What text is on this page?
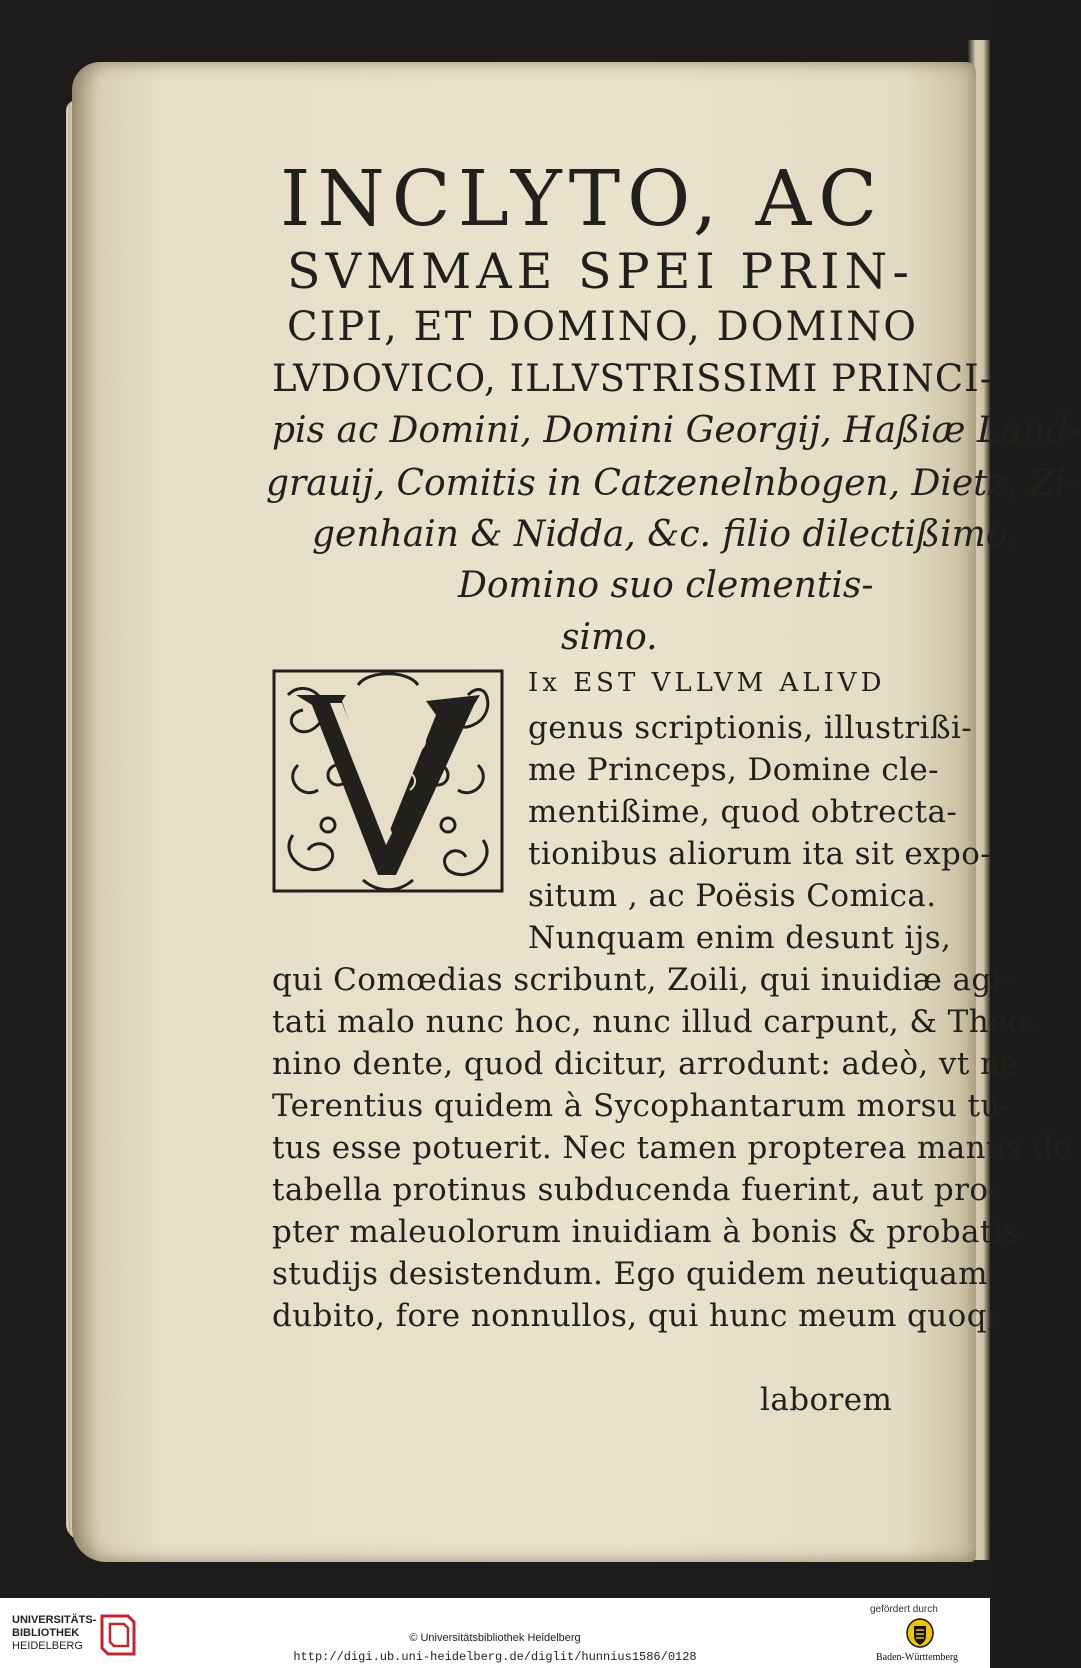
INCLYTO, AC
SVMMAE SPEI PRIN-
CIPI, ET DOMINO, DOMINO
LVDOVICO, ILLVSTRISSIMI PRINCI-
pis ac Domini, Domini Georgij, Haßiæ Land-
grauij, Comitis in Catzenelnbogen, Dietz, Zi-
genhain & Nidda, &c. filio dilectißimo,
Domino suo clementis-
simo.
Ix EST VLLVM ALIVD
genus scriptionis, illustrißi-
me Princeps, Domine cle-
mentißime, quod obtrecta-
tionibus aliorum ita sit expo-
situm , ac Poësis Comica.
Nunquam enim desunt ijs,
qui Comœdias scribunt, Zoili, qui inuidiæ agi-
tati malo nunc hoc, nunc illud carpunt, & Theo-
nino dente, quod dicitur, arrodunt: adeò, vt ne
Terentius quidem à Sycophantarum morsu tu-
tus esse potuerit. Nec tamen propterea manus de
tabella protinus subducenda fuerint, aut pro-
pter maleuolorum inuidiam à bonis & probatis
studijs desistendum. Ego quidem neutiquam
dubito, fore nonnullos, qui hunc meum quoq;
laborem
UNIVERSITÄTS-
BIBLIOTHEK
HEIDELBERG
© Universitätsbibliothek Heidelberg
http://digi.ub.uni-heidelberg.de/diglit/hunnius1586/0128
gefördert durch
Baden-Württemberg
